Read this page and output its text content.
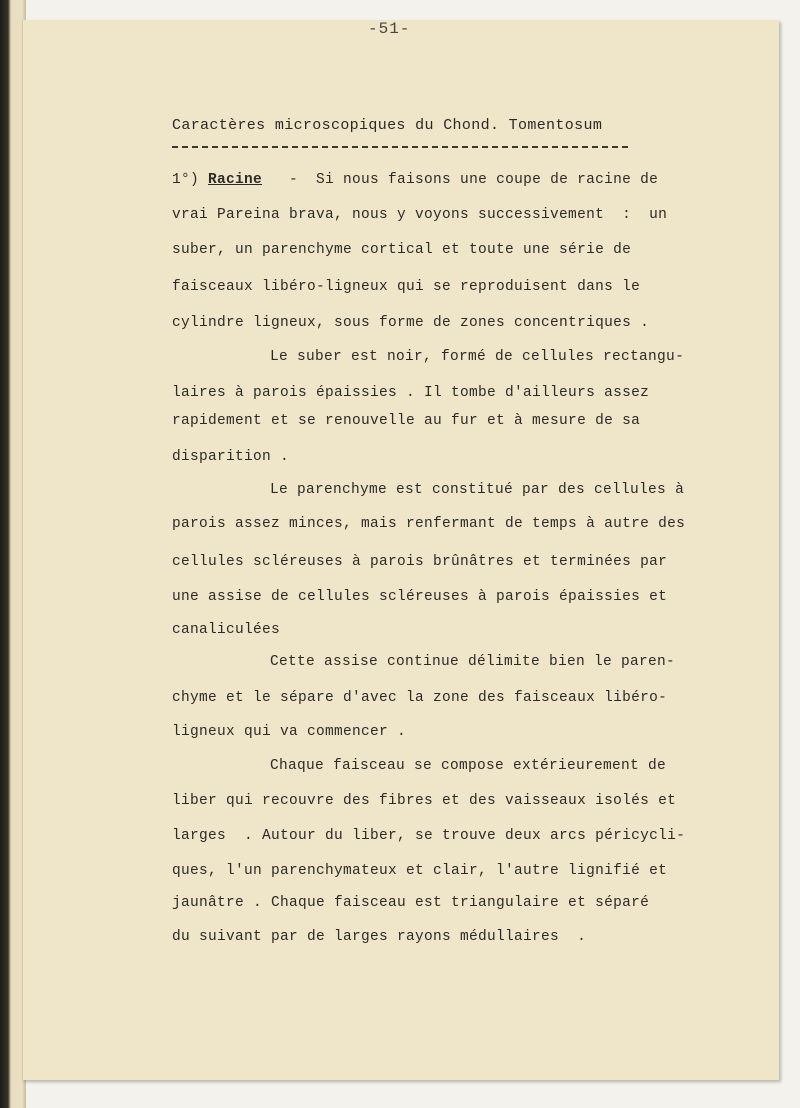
-51-
Caractères microscopiques du Chond. Tomentosum
1°) Racine   -  Si nous faisons une coupe de racine de
vrai Pareina brava, nous y voyons successivement  :  un
suber, un parenchyme cortical et toute une série de
faisceaux libéro-ligneux qui se reproduisent dans le
cylindre ligneux, sous forme de zones concentriques .
Le suber est noir, formé de cellules rectangu-
laires à parois épaissies . Il tombe d'ailleurs assez
rapidement et se renouvelle au fur et à mesure de sa
disparition .
Le parenchyme est constitué par des cellules à
parois assez minces, mais renfermant de temps à autre des
cellules scléreuses à parois brûnâtres et terminées par
une assise de cellules scléreuses à parois épaissies et
canaliculées
Cette assise continue délimite bien le paren-
chyme et le sépare d'avec la zone des faisceaux libéro-
ligneux qui va commencer .
Chaque faisceau se compose extérieurement de
liber qui recouvre des fibres et des vaisseaux isolés et
larges  . Autour du liber, se trouve deux arcs péricycli-
ques, l'un parenchymateux et clair, l'autre lignifié et
jaunâtre . Chaque faisceau est triangulaire et séparé
du suivant par de larges rayons médullaires  .
